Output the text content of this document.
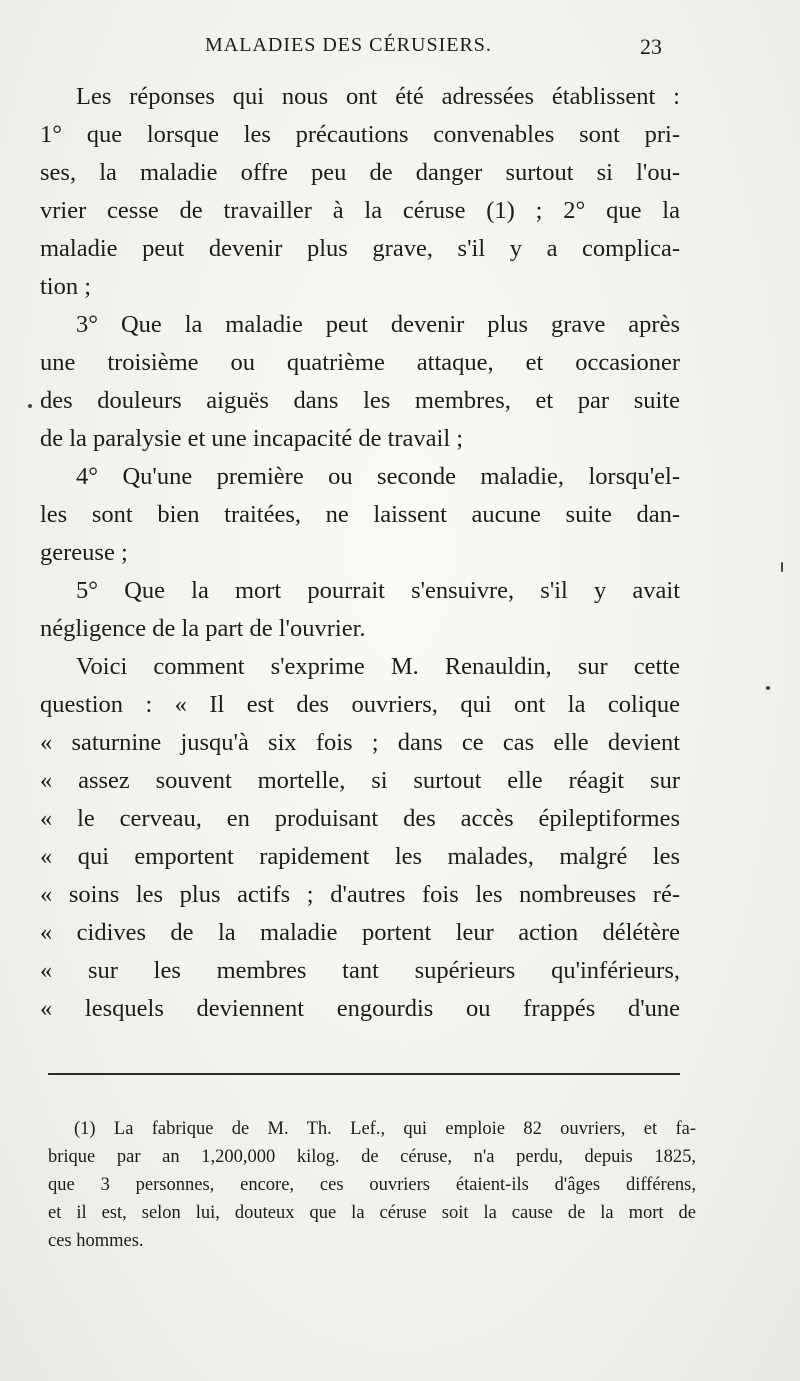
MALADIES DES CÉRUSIERS.	23
Les réponses qui nous ont été adressées établissent :
1° que lorsque les précautions convenables sont pri-
ses, la maladie offre peu de danger surtout si l'ou-
vrier cesse de travailler à la céruse (1) ; 2° que la
maladie peut devenir plus grave, s'il y a complica-
tion ;
3° Que la maladie peut devenir plus grave après
une troisième ou quatrième attaque, et occasioner
des douleurs aiguës dans les membres, et par suite
de la paralysie et une incapacité de travail ;
4° Qu'une première ou seconde maladie, lorsqu'el-
les sont bien traitées, ne laissent aucune suite dan-
gereuse ;
5° Que la mort pourrait s'ensuivre, s'il y avait
négligence de la part de l'ouvrier.
Voici comment s'exprime M. Renauldin, sur cette
question : « Il est des ouvriers, qui ont la colique
« saturnine jusqu'à six fois ; dans ce cas elle devient
« assez souvent mortelle, si surtout elle réagit sur
« le cerveau, en produisant des accès épileptiformes
« qui emportent rapidement les malades, malgré les
« soins les plus actifs ; d'autres fois les nombreuses ré-
« cidives de la maladie portent leur action délétère
« sur les membres tant supérieurs qu'inférieurs,
« lesquels deviennent engourdis ou frappés d'une
(1) La fabrique de M. Th. Lef., qui emploie 82 ouvriers, et fa-
brique par an 1,200,000 kilog. de céruse, n'a perdu, depuis 1825,
que 3 personnes, encore, ces ouvriers étaient-ils d'âges différens,
et il est, selon lui, douteux que la céruse soit la cause de la mort de
ces hommes.
